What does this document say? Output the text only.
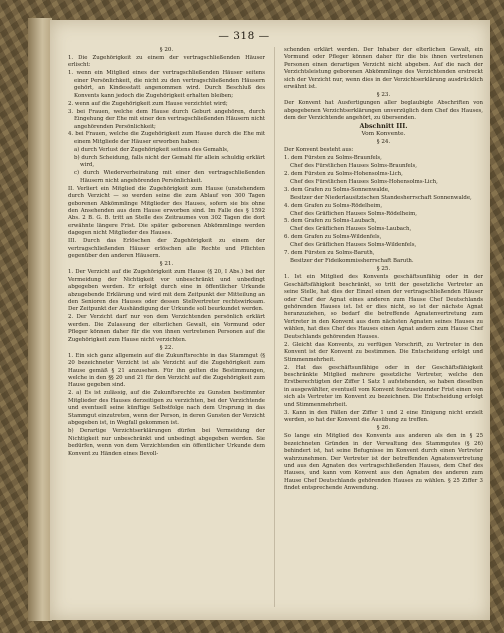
— 318 —

§ 20.

1. Die Zugehörigkeit zu einem der vertragschließenden Häuser erlischt:

1. wenn ein Mitglied eines der vertragschließenden Häuser seitens einer Persönlichkeit, die nicht zu den vertragschließenden Häusern gehört, an Kindesstatt angenommen wird. Durch Beschluß des Konvents kann jedoch die Zugehörigkeit erhalten bleiben;

2. wenn auf die Zugehörigkeit zum Hause verzichtet wird;

3. bei Frauen, welche dem Hause durch Geburt angehören, durch Eingehung der Ehe mit einer den vertragschließenden Häusern nicht angehörenden Persönlichkeit;

4. bei Frauen, welche die Zugehörigkeit zum Hause durch die Ehe mit einem Mitgliede der Häuser erworben haben:

a) durch Verlust der Zugehörigkeit seitens des Gemahls,

b) durch Scheidung, falls nicht der Gemahl für allein schuldig erklärt wird,

c) durch Wiederverheiratung mit einer den vertragschließenden Häusern nicht angehörenden Persönlichkeit.

II. Verliert ein Mitglied die Zugehörigkeit zum Hause (unstehendem durch Verzicht — so werden seine die zum Ablauf von 300 Tagen geborenen Abkömmlinge Mitglieder des Hauses, sofern sie bis ohne den Ansehenden aus dem Hause erworben sind. Im Falle des § 1592 Abs. 2 B. G. B. tritt an Stelle des Zeitraumes von 302 Tagen die dort erwähnte längere Frist. Die später geborenen Abkömmlinge werden dagegen nicht Mitglieder des Hauses.

III. Durch das Erlöschen der Zugehörigkeit zu einem der vertragschließenden Häuser erlöschen alle Rechte und Pflichten gegenüber den anderen Häusern.

§ 21.

1. Der Verzicht auf die Zugehörigkeit zum Hause (§ 20, I Abs.) bei der Vermeidung der Nichtigkeit vor unbeschränkt und unbedingt abgegeben werden. Er erfolgt durch eine in öffentlicher Urkunde abzugebende Erklärung und wird mit dem Zeitpunkt der Mitteilung an den Senioren des Hauses oder dessen Stellvertreter rechtswirksam. Der Zeitpunkt der Aushändigung der Urkunde soll beurkundet werden.

2. Der Verzicht darf nur von dem Verzichtenden persönlich erklärt werden. Die Zulassung der elterlichen Gewalt, ein Vormund oder Pfleger können daher für die von ihnen vertretenen Personen auf die Zugehörigkeit zum Hause nicht verzichten.

§ 22.

1. Ein sich ganz allgemein auf die Zukunftsrechte in das Stammgut (§ 20 bezeichneter Verzicht ist als Verzicht auf die Zugehörigkeit zum Hause gemäß § 21 anzusehen. Für ihn gelten die Bestimmungen, welche in den §§ 20 und 21 für den Verzicht auf die Zugehörigkeit zum Hause gegeben sind.

2. a) Es ist zulässig, auf die Zukunftsrechte zu Gunsten bestimmter Mitglieder des Hauses derzeitigen zu verzichten, bei der Verzichtende und eventuell seine künftige Selbstfolge nach dem Ursprung in das Stammgut einzutreten, wenn der Person, in deren Gunsten der Verzicht abgegeben ist, in Wegfall gekommen ist.

b) Derartige Verzichtserklärungen dürfen bei Vermeidung der Nichtigkeit nur unbeschränkt und unbedingt abgegeben werden. Sie bedürfen, wenn von dem Verzichtenden ein öffentlicher Urkunde dem Konvent zu Händen eines Bevoll-

schenden erklärt werden. Der Inhaber der elterlichen Gewalt, ein Vormund oder Pfleger können daher für die bis ihnen vertretenen Personen einen derartigen Verzicht nicht abgeben. Auf die nach der Verzichtsleistung geborenen Abkömmlinge des Verzichtenden erstreckt sich der Verzicht nur, wenn dies in der Verzichtserklärung ausdrücklich erwähnt ist.

§ 23.

Der Konvent hat Ausfertigungen aller beglaubigte Abschriften von abgegebenen Verzichtserklärungen unverzüglich dem Chef des Hauses, dem der Verzichtende angehört, zu übersenden.

Abschnitt III.

Vom Konvente.

§ 24.

Der Konvent besteht aus:

1. dem Fürsten zu Solms-Braunfels,

Chef des Fürstlichen Hauses Solms-Braunfels,

2. dem Fürsten zu Solms-Hohensolms-Lich,

Chef des Fürstlichen Hauses Solms-Hohensolms-Lich,

3. dem Grafen zu Solms-Sonnenwalde,

Besitzer der Niederlausitzischen Standesherrschaft Sonnenwalde,

4. dem Grafen zu Solms-Rödelheim,

Chef des Gräflichen Hauses Solms-Rödelheim,

5. dem Grafen zu Solms-Laubach,

Chef des Gräflichen Hauses Solms-Laubach,

6. dem Grafen zu Solms-Wildenfels,

Chef des Gräflichen Hauses Solms-Wildenfels,

7. dem Fürsten zu Solms-Baruth,

Besitzer der Fideikommissherrschaft Baruth.

§ 25.

1. Ist ein Mitglied des Konvents geschäftsunfähig oder in der Geschäftsfähigkeit beschränkt, so tritt der gesetzliche Vertreter an seine Stelle, hat dies der Einzel einen der vertragschließenden Häuser oder Chef der Agnat eines anderen zum Hause Chef Deutschlands gehörenden Hauses ist. Ist er dies nicht, so ist der nächste Agnat heranzuziehen, so bedarf die betreffende Agnatenvertretung zum Vertreter in den Konvent aus dem nächsten Agnaten seines Hauses zu wählen, hat dies Chef des Hauses einen Agnat andern zum Hause Chef Deutschlands gehörenden Hauses.

2. Gleicht das Konvents, zu verfügen Vorschrift, zu Vertreter in den Konvent ist der Konvent zu bestimmen. Die Entscheidung erfolgt und Stimmenmehrheit.

2. Hat das geschäftsunfähige oder in der Geschäftsfähigkeit beschränkte Mitglied mehrere gesetzliche Vertreter, welche den Erstberechtigten der Ziffer 1 Satz 1 aufstehenden, so haben dieselben in ausgewählter, eventuell vom Konvent festzusetzender Frist einen von sich als Vertreter im Konvent zu bezeichnen. Die Entscheidung erfolgt und Stimmenmehrheit.

3. Kann in den Fällen der Ziffer 1 und 2 eine Einigung nicht erzielt werden, so hat der Konvent die Ausübung zu treffen.

§ 26.

So lange ein Mitglied des Konvents aus anderen als den in § 25 bezeichneten Gründen in der Verwaltung des Stammgutes (§ 26) behindert ist, hat seine Befugnisse im Konvent durch einen Vertreter wahrzunehmen. Der Vertreter ist der betreffenden Agnatenvertretung und aus den Agnaten des vertragschließenden Hauses, dem Chef des Hauses, und kann vom Konvent aus den Agnaten des anderen zum Hause Chef Deutschlands gehörenden Hauses zu wählen. § 25 Ziffer 3 findet entsprechende Anwendung.
